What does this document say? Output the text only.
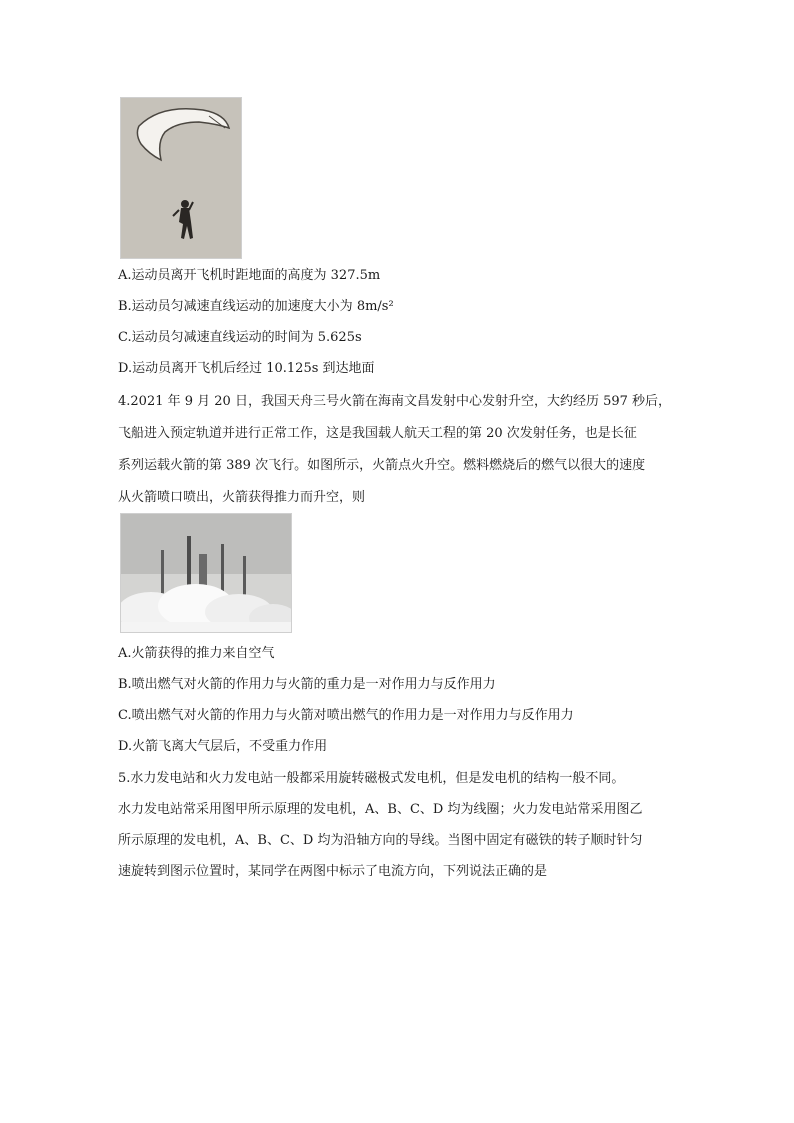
A.运动员离开飞机时距地面的高度为 327.5m
B.运动员匀减速直线运动的加速度大小为 8m/s²
C.运动员匀减速直线运动的时间为 5.625s
D.运动员离开飞机后经过 10.125s 到达地面
4.2021 年 9 月 20 日，我国天舟三号火箭在海南文昌发射中心发射升空，大约经历 597 秒后，
飞船进入预定轨道并进行正常工作，这是我国载人航天工程的第 20 次发射任务，也是长征
系列运载火箭的第 389 次飞行。如图所示，火箭点火升空。燃料燃烧后的燃气以很大的速度
从火箭喷口喷出，火箭获得推力而升空，则
A.火箭获得的推力来自空气
B.喷出燃气对火箭的作用力与火箭的重力是一对作用力与反作用力
C.喷出燃气对火箭的作用力与火箭对喷出燃气的作用力是一对作用力与反作用力
D.火箭飞离大气层后，不受重力作用
5.水力发电站和火力发电站一般都采用旋转磁极式发电机，但是发电机的结构一般不同。
水力发电站常采用图甲所示原理的发电机，A、B、C、D 均为线圈；火力发电站常采用图乙
所示原理的发电机，A、B、C、D 均为沿轴方向的导线。当图中固定有磁铁的转子顺时针匀
速旋转到图示位置时，某同学在两图中标示了电流方向，下列说法正确的是
